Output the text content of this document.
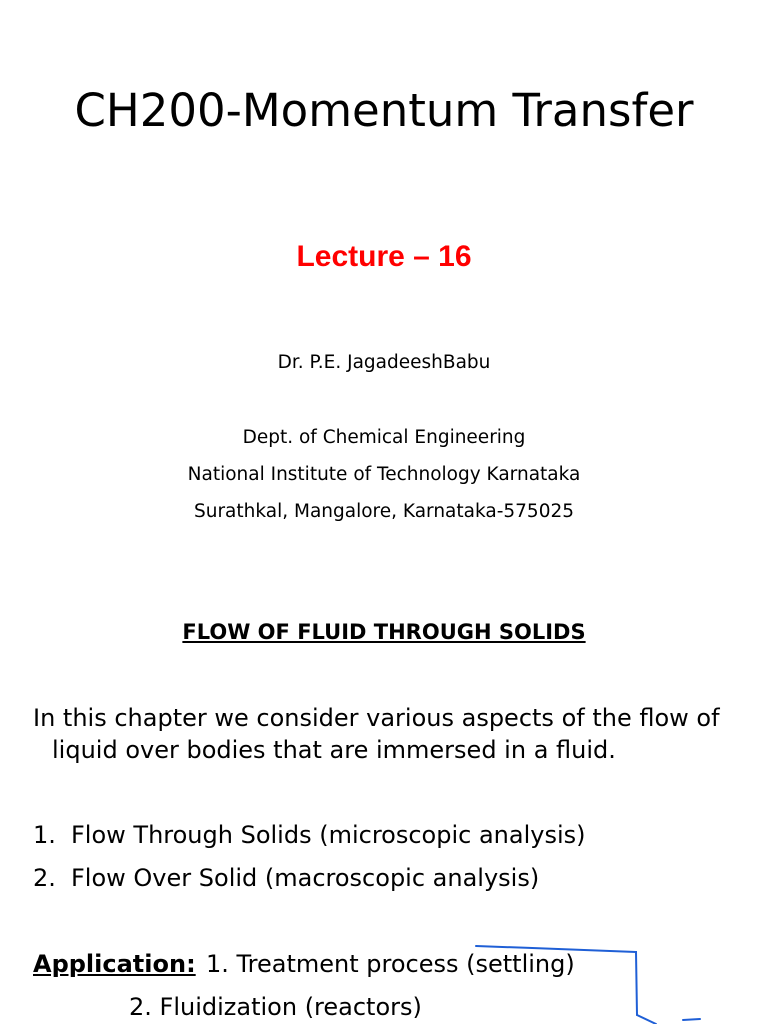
CH200-Momentum Transfer
Lecture – 16
Dr. P.E. JagadeeshBabu
Dept. of Chemical Engineering
National Institute of Technology Karnataka
Surathkal, Mangalore, Karnataka-575025
FLOW OF FLUID THROUGH SOLIDS
In this chapter we consider various aspects of the flow of
liquid over bodies that are immersed in a fluid.
1. Flow Through Solids (microscopic analysis)
2. Flow Over Solid (macroscopic analysis)
Application: 1. Treatment process (settling)
2. Fluidization (reactors)
